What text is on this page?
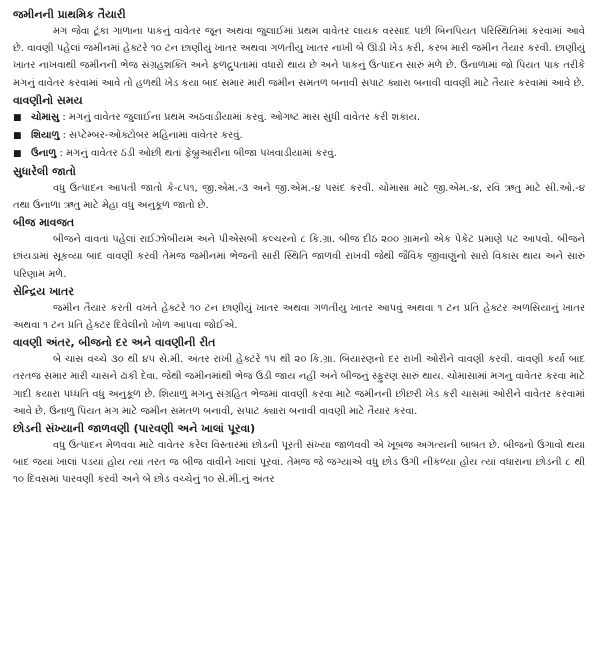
જમીનની પ્રાથમિક તૈયારી

મગ જેવા ટૂંકા ગાળાના પાકનું વાવેતર જૂન અથવા જુલાઈમાં પ્રથમ વાવેતર લાયક વરસાદ પછી બિનપિયત પરિસ્થિતિમાં કરવામાં આવે છે. વાવણી પહેલાં જમીનમાં હેક્ટરે ૧૦ ટન છાણીયું ખાતર અથવા ગળતીયુ ખાતર નાખી બે ઊંડી ખેડ કરી, કરબ મારી જમીન તૈયાર કરવી. છાણીયું ખાતર નાખવાથી જમીનની ભેજ સંગ્રહશક્તિ અને ફળદ્રુપતામાં વધારો થાય છે અને પાકનું ઉત્પાદન સારું મળે છે. ઉનાળામાં જો પિયત પાક તરીકે મગનું વાવેતર કરવામાં આવે તો હળથી ખેડ કયા બાદ સમાર મારી જમીન સમતળ બનાવી સપાટ ક્યારા બનાવી વાવણી માટે તૈયાર કરવામાં આવે છે.

વાવણીનો સમય
■ ચોમાસુ : મગનું વાવેતર જુલાઈના પ્રથમ અઠવાડીયામાં કરવું. ઓગષ્ટ માસ સુધી વાવેતર કરી શકાય.
■ શિયાળુ : સપ્ટેમ્બર-ઓક્ટોબર મહિનામાં વાવેતર કરવું.
■ ઉનાળુ : મગનું વાવેતર ઠંડી ઓછી થતાં ફેબ્રુઆરીના બીજા પખવાડીયામાં કરવું.
સુધારેલી જાતો

વધુ ઉત્પાદન આપતી જાતો કે-૮૫૧, જી.એમ.-૩ અને જી.એમ.-૪ પસંદ કરવી. ચોમાસા માટે જી.એમ.-૪, રવિ ઋતુ માટે સી.ઓ.-૪ તથા ઉનાળા ઋતુ માટે મેહા વધુ અનુકૂળ જાતો છે.

બીજ માવજત

બીજને વાવતાં પહેલાં રાઈઝોબીયમ અને પીએસબી કલ્ચરનો ૮ કિ.ગ્રા. બીજ દીઠ ૨૦૦ ગ્રામનો એક પેકેટ પ્રમાણે પટ આપવો. બીજને છાંયડામાં સૂકવ્યા બાદ વાવણી કરવી તેમજ જમીનમાં ભેજની સારી સ્થિતિ જાળવી રાખવી જેથી જૈવિક જીવાણુંનો સારો વિકાસ થાય અને સારું પરિણામ મળે.

સેન્દ્રિય ખાતર

જમીન તૈયાર કરતી વખતે હેક્ટરે ૧૦ ટન છાણીયું ખાતર અથવા ગળતીયુ ખાતર આપવું અથવા ૧ ટન પ્રતિ હેક્ટર અળસિયાનું ખાતર અથવા ૧ ટન પ્રતિ હેક્ટર દિવેલીનો ખોળ આપવા જોઈએ.

વાવણી અંતર, બીજનો દર અને વાવણીની રીત

બે ચાસ વચ્ચે ૩૦ થી ૪૫ સે.મી. અંતર રાખી હેક્ટરે ૧૫ થી ૨૦ કિ.ગ્રા. બિયારણનો દર રાખી ઓરીને વાવણી કરવી. વાવણી કર્યા બાદ તરતજ સમાર મારી ચાસને ઢાંકી દેવા. જેથી જમીનમાંથી ભેજ ઉડી જાય નહીં અને બીજનું સ્ફુરણ સારું થાય. ચોમાસામાં મગનુ વાવેતર કરવા માટે ગાદી કયારા પધ્ધતિ વધુ અનુકૂળ છે. શિયાળુ મગનુ સંગ્રહિત ભેજમાં વાવણી કરવા માટે જમીનની છીછરી ખેડ કરી ચાસમાં ઓરીને વાવેતર કરવામાં આવે છે. ઉનાળુ પિયત મગ માટે જમીન સમતળ બનાવી, સપાટ ક્યારા બનાવી વાવણી માટે તૈયાર કરવા.

છોડની સંખ્યાની જાળવણી (પારવણી અને ખાલાં પૂરવા)

વધુ ઉત્પાદન મેળવવા માટે વાવેતર કરેલ વિસ્તારમાં છોડની પૂરતી સંખ્યા જાળવવી એ ખૂબજ અગત્યની બાબત છે. બીજનો ઉગાવો થયા બાદ જયાં ખાલાં પડયાં હોય ત્યાં તરત જ બીજ વાવીને ખાલાં પૂરવાં. તેમજ જે જગ્યાએ વધુ છોડ ઉગી નીકળ્યા હોય ત્યાં વધારાના છોડની ૮ થી ૧૦ દિવસમાં પારવણી કરવી અને બે છોડ વચ્ચેનું ૧૦ સે.મી.નું અંતર
